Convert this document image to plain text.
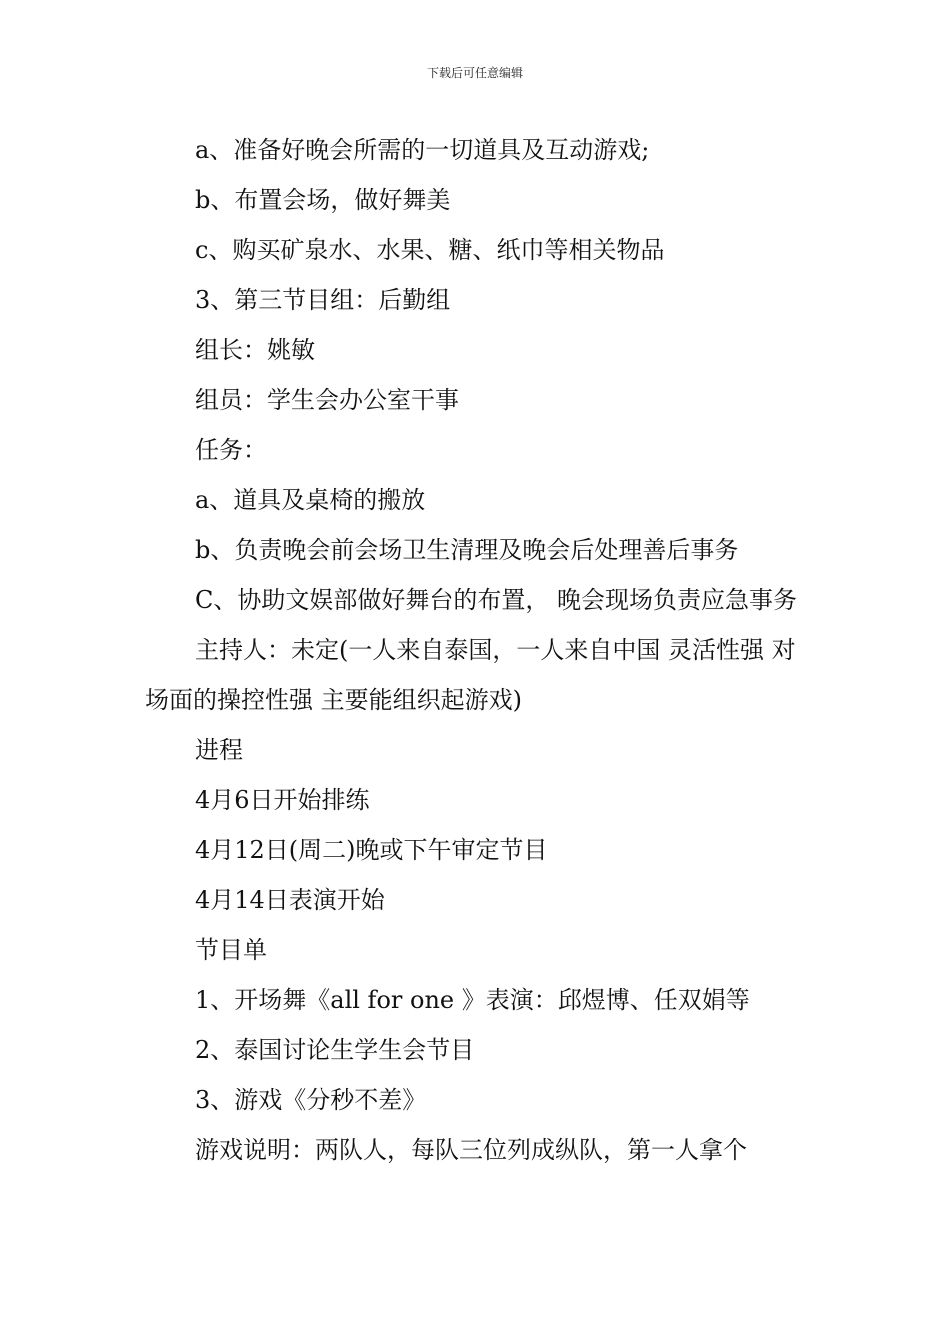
下载后可任意编辑

a、准备好晚会所需的一切道具及互动游戏;

b、布置会场，做好舞美

c、购买矿泉水、水果、糖、纸巾等相关物品

3、第三节目组：后勤组

组长：姚敏

组员：学生会办公室干事

任务：

a、道具及桌椅的搬放

b、负责晚会前会场卫生清理及晚会后处理善后事务

C、协助文娱部做好舞台的布置， 晚会现场负责应急事务

主持人：未定(一人来自泰国，一人来自中国 灵活性强 对场面的操控性强 主要能组织起游戏)

进程

4月6日开始排练

4月12日(周二)晚或下午审定节目

4月14日表演开始

节目单

1、开场舞《all for one 》表演：邱煜博、任双娟等

2、泰国讨论生学生会节目

3、游戏《分秒不差》

游戏说明：两队人，每队三位列成纵队，第一人拿个
